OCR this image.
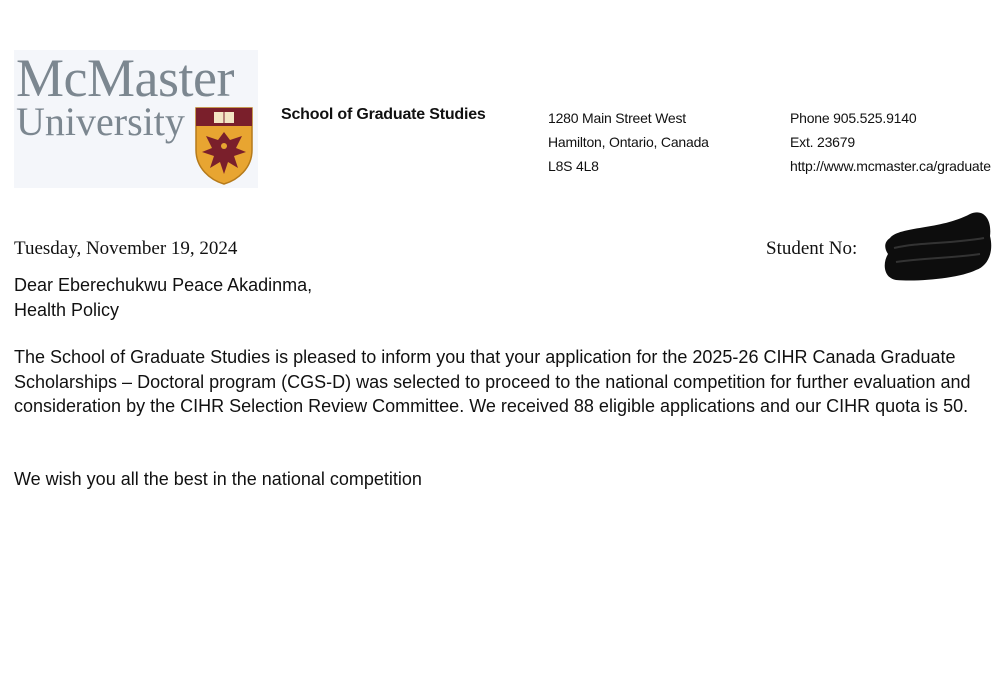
McMaster
University	School of Graduate Studies	1280 Main Street West
Hamilton, Ontario, Canada
L8S 4L8
Phone 905.525.9140
Ext. 23679
http://www.mcmaster.ca/graduate
Tuesday, November 19, 2024	Student No:
Dear Eberechukwu Peace Akadinma,
Health Policy
The School of Graduate Studies is pleased to inform you that your application for the 2025-26 CIHR Canada Graduate Scholarships – Doctoral program (CGS-D) was selected to proceed to the national competition for further evaluation and consideration by the CIHR Selection Review Committee. We received 88 eligible applications and our CIHR quota is 50.
We wish you all the best in the national competition
